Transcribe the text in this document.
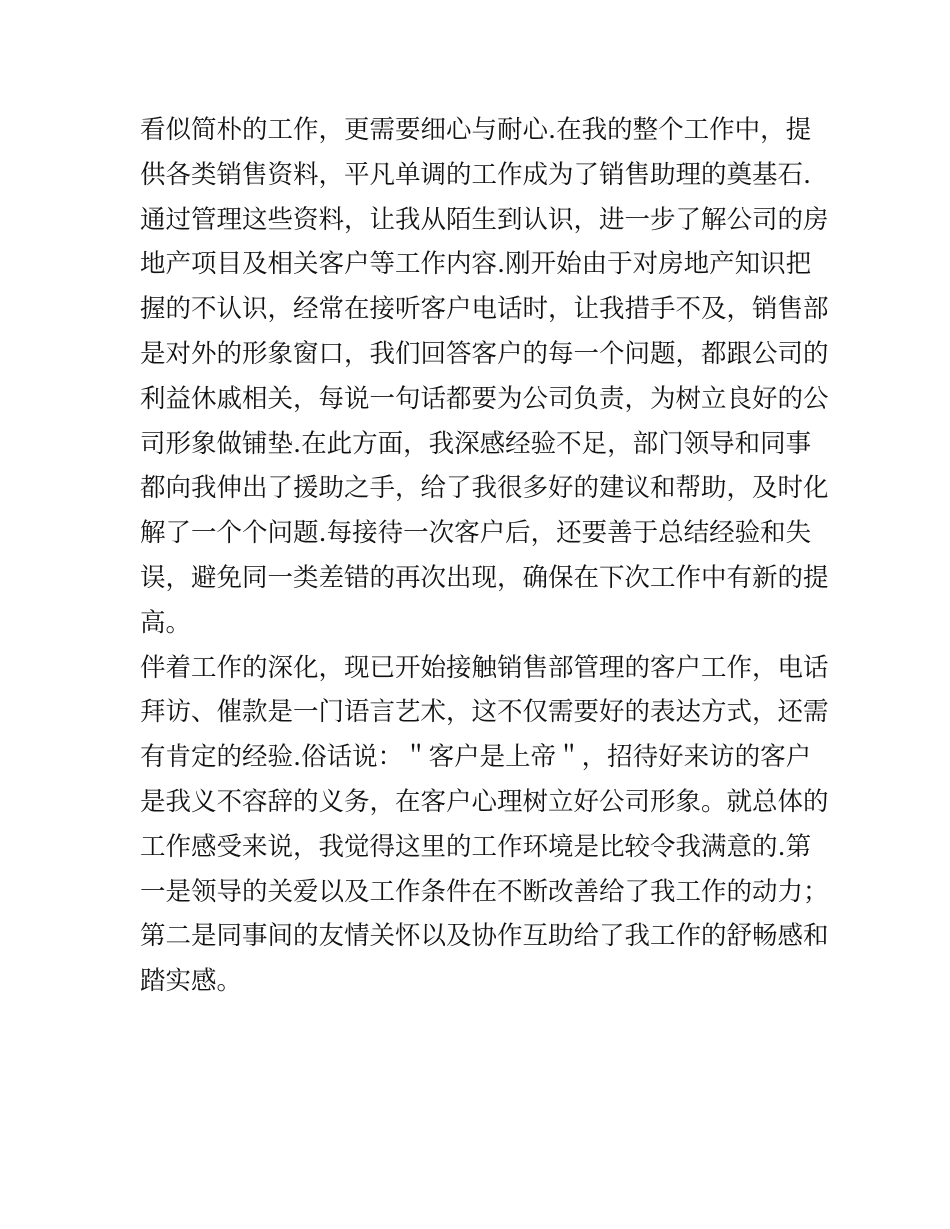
看似简朴的工作，更需要细心与耐心.在我的整个工作中，提
供各类销售资料，平凡单调的工作成为了销售助理的奠基石.
通过管理这些资料，让我从陌生到认识，进一步了解公司的房
地产项目及相关客户等工作内容.刚开始由于对房地产知识把
握的不认识，经常在接听客户电话时，让我措手不及，销售部
是对外的形象窗口，我们回答客户的每一个问题，都跟公司的
利益休戚相关，每说一句话都要为公司负责，为树立良好的公
司形象做铺垫.在此方面，我深感经验不足，部门领导和同事
都向我伸出了援助之手，给了我很多好的建议和帮助，及时化
解了一个个问题.每接待一次客户后，还要善于总结经验和失
误，避免同一类差错的再次出现，确保在下次工作中有新的提
高。
伴着工作的深化，现已开始接触销售部管理的客户工作，电话
拜访、催款是一门语言艺术，这不仅需要好的表达方式，还需
有肯定的经验.俗话说：＂客户是上帝＂，招待好来访的客户
是我义不容辞的义务，在客户心理树立好公司形象。就总体的
工作感受来说，我觉得这里的工作环境是比较令我满意的.第
一是领导的关爱以及工作条件在不断改善给了我工作的动力；
第二是同事间的友情关怀以及协作互助给了我工作的舒畅感和
踏实感。
